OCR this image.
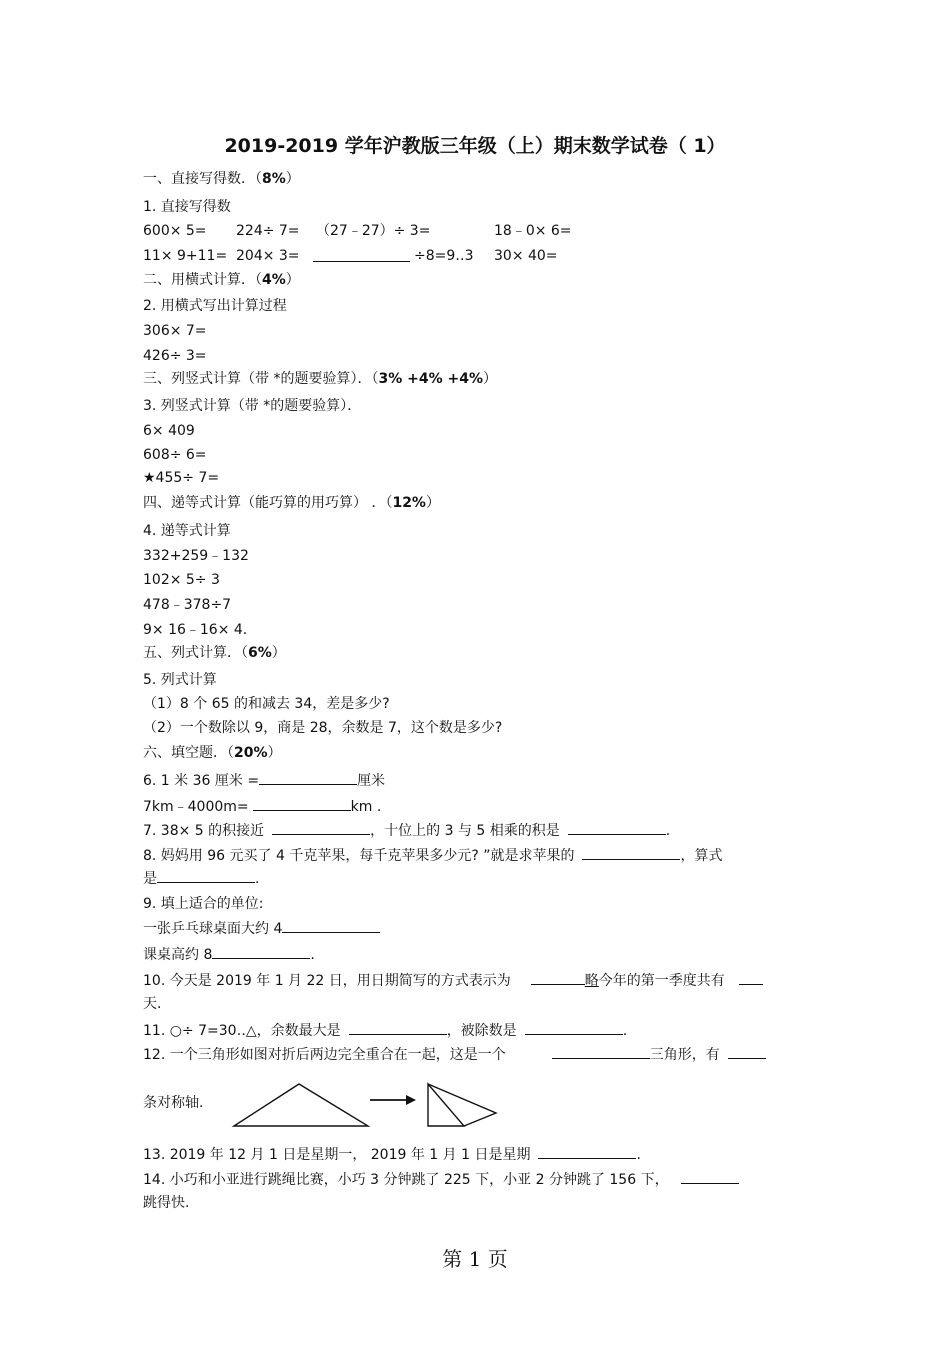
2019-2019 学年沪教版三年级（上）期末数学试卷（ 1）
一、直接写得数．（8%）
1. 直接写得数
600× 5= 224÷ 7= （27﹣27）÷ 3=	18﹣0× 6=
11× 9+11= 204× 3=	÷8=9‥3 30× 40=
二、用横式计算．（4%）
2. 用横式写出计算过程
306× 7=
426÷ 3=
三、列竖式计算（带 *的题要验算）．（3% +4% +4%）
3. 列竖式计算（带 *的题要验算）．
6× 409
608÷ 6=
★455÷ 7=
四、递等式计算（能巧算的用巧算） ．（12%）
4. 递等式计算
332+259﹣132
102× 5÷ 3
478﹣378÷7
9× 16﹣16× 4.
五、列式计算．（6%）
5. 列式计算
（1）8 个 65 的和减去 34，差是多少?
（2）一个数除以 9，商是 28，余数是 7，这个数是多少?
六、填空题．（20%）
6. 1 米 36 厘米 =	厘米
7km﹣4000m=	km .
7. 38× 5 的积接近	，十位上的 3 与 5 相乘的积是	.
8. 妈妈用 96 元买了 4 千克苹果，每千克苹果多少元? ”就是求苹果的	，算式
是	.
9. 填上适合的单位:
一张乒乓球桌面大约 4
课桌高约 8	.
10. 今天是 2019 年 1 月 22 日，用日期简写的方式表示为	略今年的第一季度共有
天.
11. ○÷ 7=30‥△，余数最大是	，被除数是	.
12. 一个三角形如图对折后两边完全重合在一起，这是一个	三角形，有
条对称轴.
13. 2019 年 12 月 1 日是星期一， 2019 年 1 月 1 日是星期	.
14. 小巧和小亚进行跳绳比赛，小巧 3 分钟跳了 225 下，小亚 2 分钟跳了 156 下，
跳得快.
第 1 页
